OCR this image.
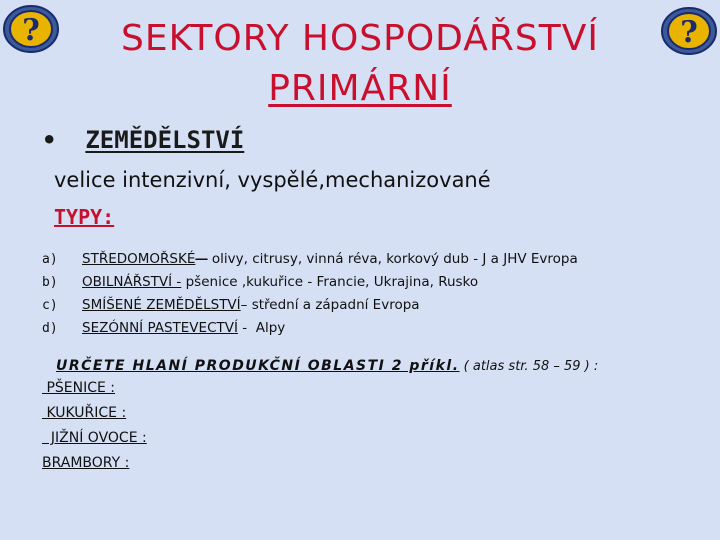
?	?
SEKTORY HOSPODÁŘSTVÍ
PRIMÁRNÍ
• ZEMĚDĚLSTVÍ
velice intenzivní, vyspělé,mechanizované
TYPY:
a)	STŘEDOMOŘSKÉ – olivy, citrusy, vinná réva, korkový dub - J a JHV Evropa
b)	OBILNÁŘSTVÍ - pšenice ,kukuřice - Francie, Ukrajina, Rusko
c)	SMÍŠENÉ ZEMĚDĚLSTVÍ – střední a západní Evropa
d)	SEZÓNNÍ PASTEVECTVÍ -  Alpy
URČETE HLANÍ PRODUKČNÍ OBLASTI 2 příkl. ( atlas str. 58 – 59 ) :
PŠENICE :
KUKUŘICE :
JIŽNÍ OVOCE :
BRAMBORY :
